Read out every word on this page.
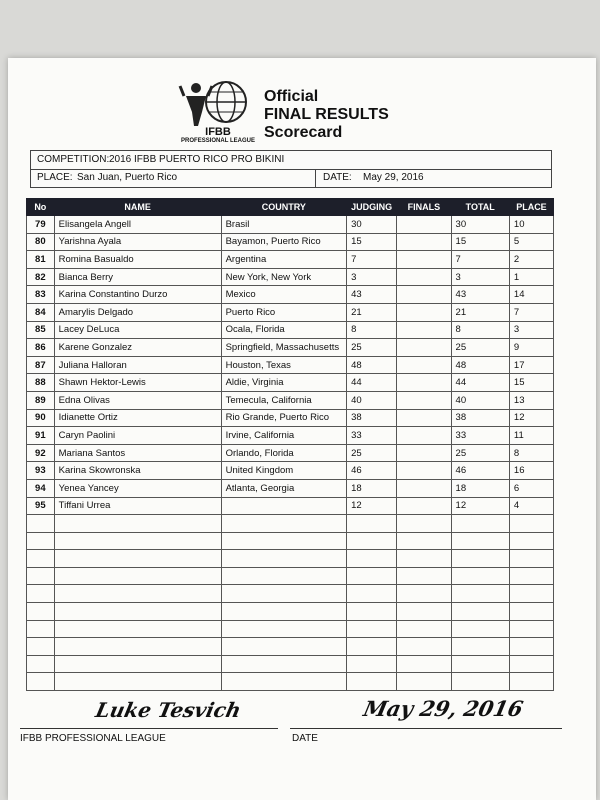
IFBB
PROFESSIONAL LEAGUE
Official
FINAL RESULTS
Scorecard
COMPETITION: 2016 IFBB PUERTO RICO PRO BIKINI
PLACE: San Juan, Puerto Rico	DATE: May 29, 2016
No	NAME	COUNTRY	JUDGING	FINALS	TOTAL	PLACE
79	Elisangela Angell	Brasil	30		30	10
80	Yarishna Ayala	Bayamon, Puerto Rico	15		15	5
81	Romina Basualdo	Argentina	7		7	2
82	Bianca Berry	New York, New York	3		3	1
83	Karina Constantino Durzo	Mexico	43		43	14
84	Amarylis Delgado	Puerto Rico	21		21	7
85	Lacey DeLuca	Ocala, Florida	8		8	3
86	Karene Gonzalez	Springfield, Massachusetts	25		25	9
87	Juliana Halloran	Houston, Texas	48		48	17
88	Shawn Hektor-Lewis	Aldie, Virginia	44		44	15
89	Edna Olivas	Temecula, California	40		40	13
90	Idianette Ortiz	Rio Grande, Puerto Rico	38		38	12
91	Caryn Paolini	Irvine, California	33		33	11
92	Mariana Santos	Orlando, Florida	25		25	8
93	Karina Skowronska	United Kingdom	46		46	16
94	Yenea Yancey	Atlanta, Georgia	18		18	6
95	Tiffani Urrea		12		12	4

Luke Tesvich
IFBB PROFESSIONAL LEAGUE
May 29, 2016
DATE
